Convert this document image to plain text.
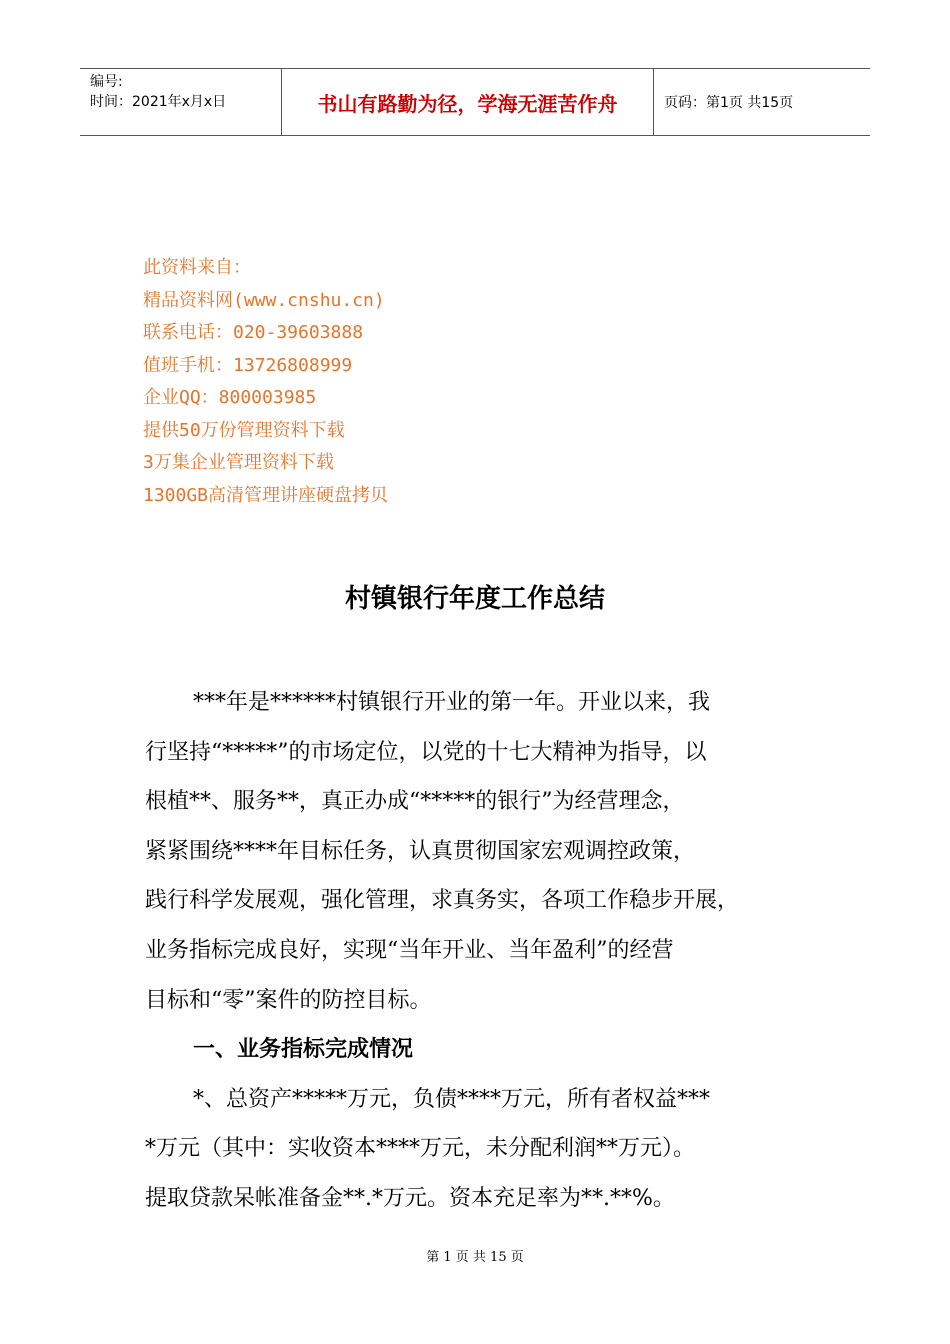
编号:
时间：2021年x月x日	书山有路勤为径，学海无涯苦作舟	页码：第1页 共15页
此资料来自：
精品资料网(www.cnshu.cn)
联系电话：020-39603888
值班手机：13726808999
企业QQ：800003985
提供50万份管理资料下载
3万集企业管理资料下载
1300GB高清管理讲座硬盘拷贝
村镇银行年度工作总结
***年是******村镇银行开业的第一年。开业以来，我
行坚持“*****”的市场定位，以党的十七大精神为指导，以
根植**、服务**，真正办成“*****的银行”为经营理念，
紧紧围绕****年目标任务，认真贯彻国家宏观调控政策，
践行科学发展观，强化管理，求真务实，各项工作稳步开展，
业务指标完成良好，实现“当年开业、当年盈利”的经营
目标和“零”案件的防控目标。
一、业务指标完成情况
*、总资产*****万元，负债****万元，所有者权益***
*万元（其中：实收资本****万元，未分配利润**万元）。
提取贷款呆帐准备金**.*万元。资本充足率为**.**%。
第 1 页 共 15 页
